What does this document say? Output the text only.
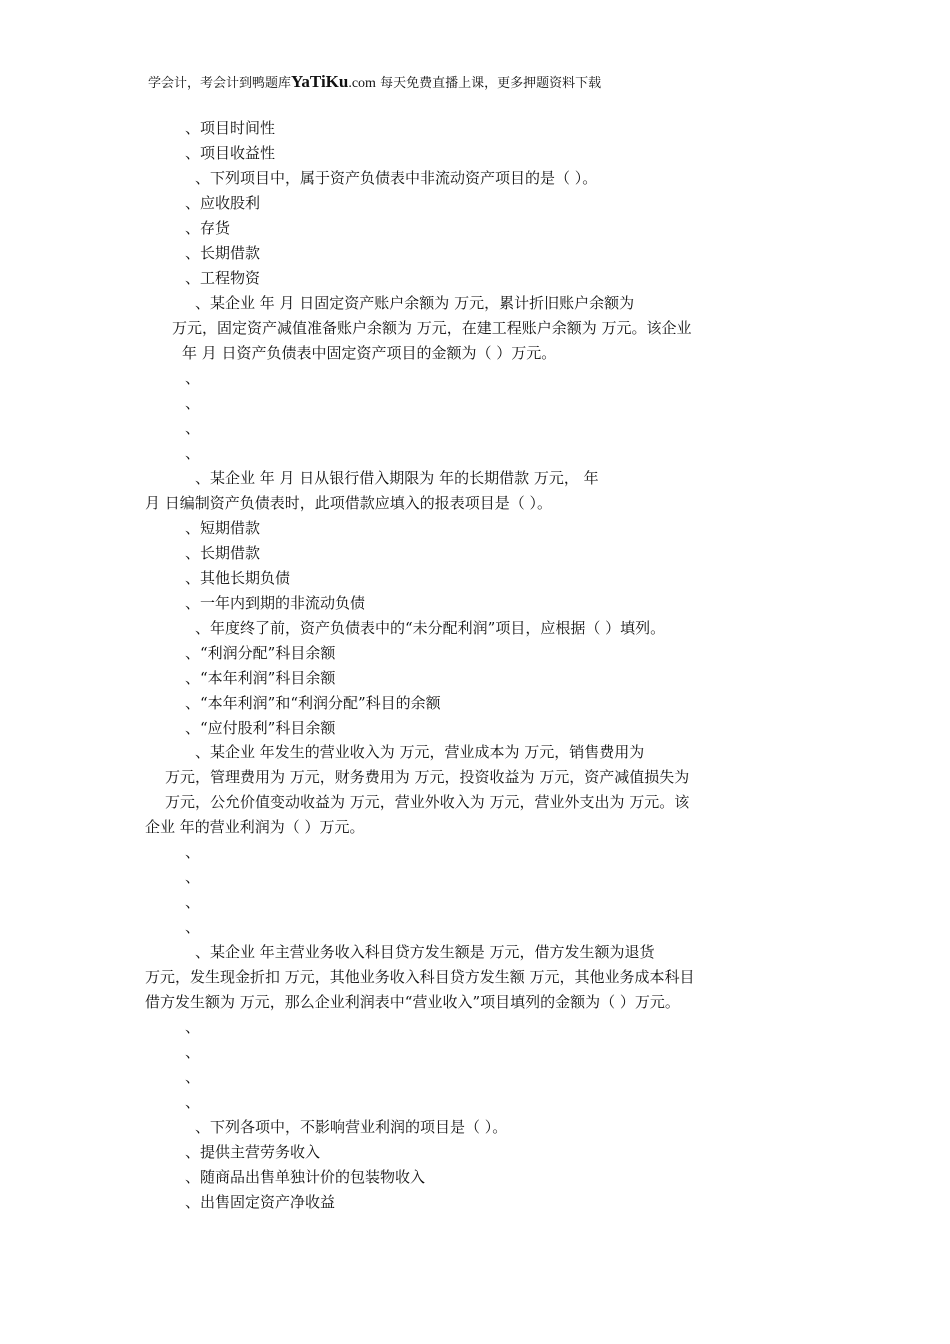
学会计，考会计到鸭题库YaTiKu.com 每天免费直播上课，更多押题资料下载
、项目时间性
、项目收益性
、下列项目中，属于资产负债表中非流动资产项目的是（ ）。
、应收股利
、存货
、长期借款
、工程物资
、某企业 年 月 日固定资产账户余额为 万元，累计折旧账户余额为
万元，固定资产减值准备账户余额为 万元，在建工程账户余额为 万元。该企业
年 月 日资产负债表中固定资产项目的金额为（ ）万元。
、
、
、
、
、某企业 年 月 日从银行借入期限为 年的长期借款 万元， 年
月 日编制资产负债表时，此项借款应填入的报表项目是（ ）。
、短期借款
、长期借款
、其他长期负债
、一年内到期的非流动负债
、年度终了前，资产负债表中的“未分配利润”项目，应根据（ ）填列。
、“利润分配”科目余额
、“本年利润”科目余额
、“本年利润”和“利润分配”科目的余额
、“应付股利”科目余额
、某企业 年发生的营业收入为 万元，营业成本为 万元，销售费用为
万元，管理费用为 万元，财务费用为 万元，投资收益为 万元，资产减值损失为
万元，公允价值变动收益为 万元，营业外收入为 万元，营业外支出为 万元。该
企业 年的营业利润为（ ）万元。
、
、
、
、
、某企业 年主营业务收入科目贷方发生额是 万元，借方发生额为退货
万元，发生现金折扣 万元，其他业务收入科目贷方发生额 万元，其他业务成本科目
借方发生额为 万元，那么企业利润表中“营业收入”项目填列的金额为（ ）万元。
、
、
、
、
、下列各项中，不影响营业利润的项目是（ ）。
、提供主营劳务收入
、随商品出售单独计价的包装物收入
、出售固定资产净收益
